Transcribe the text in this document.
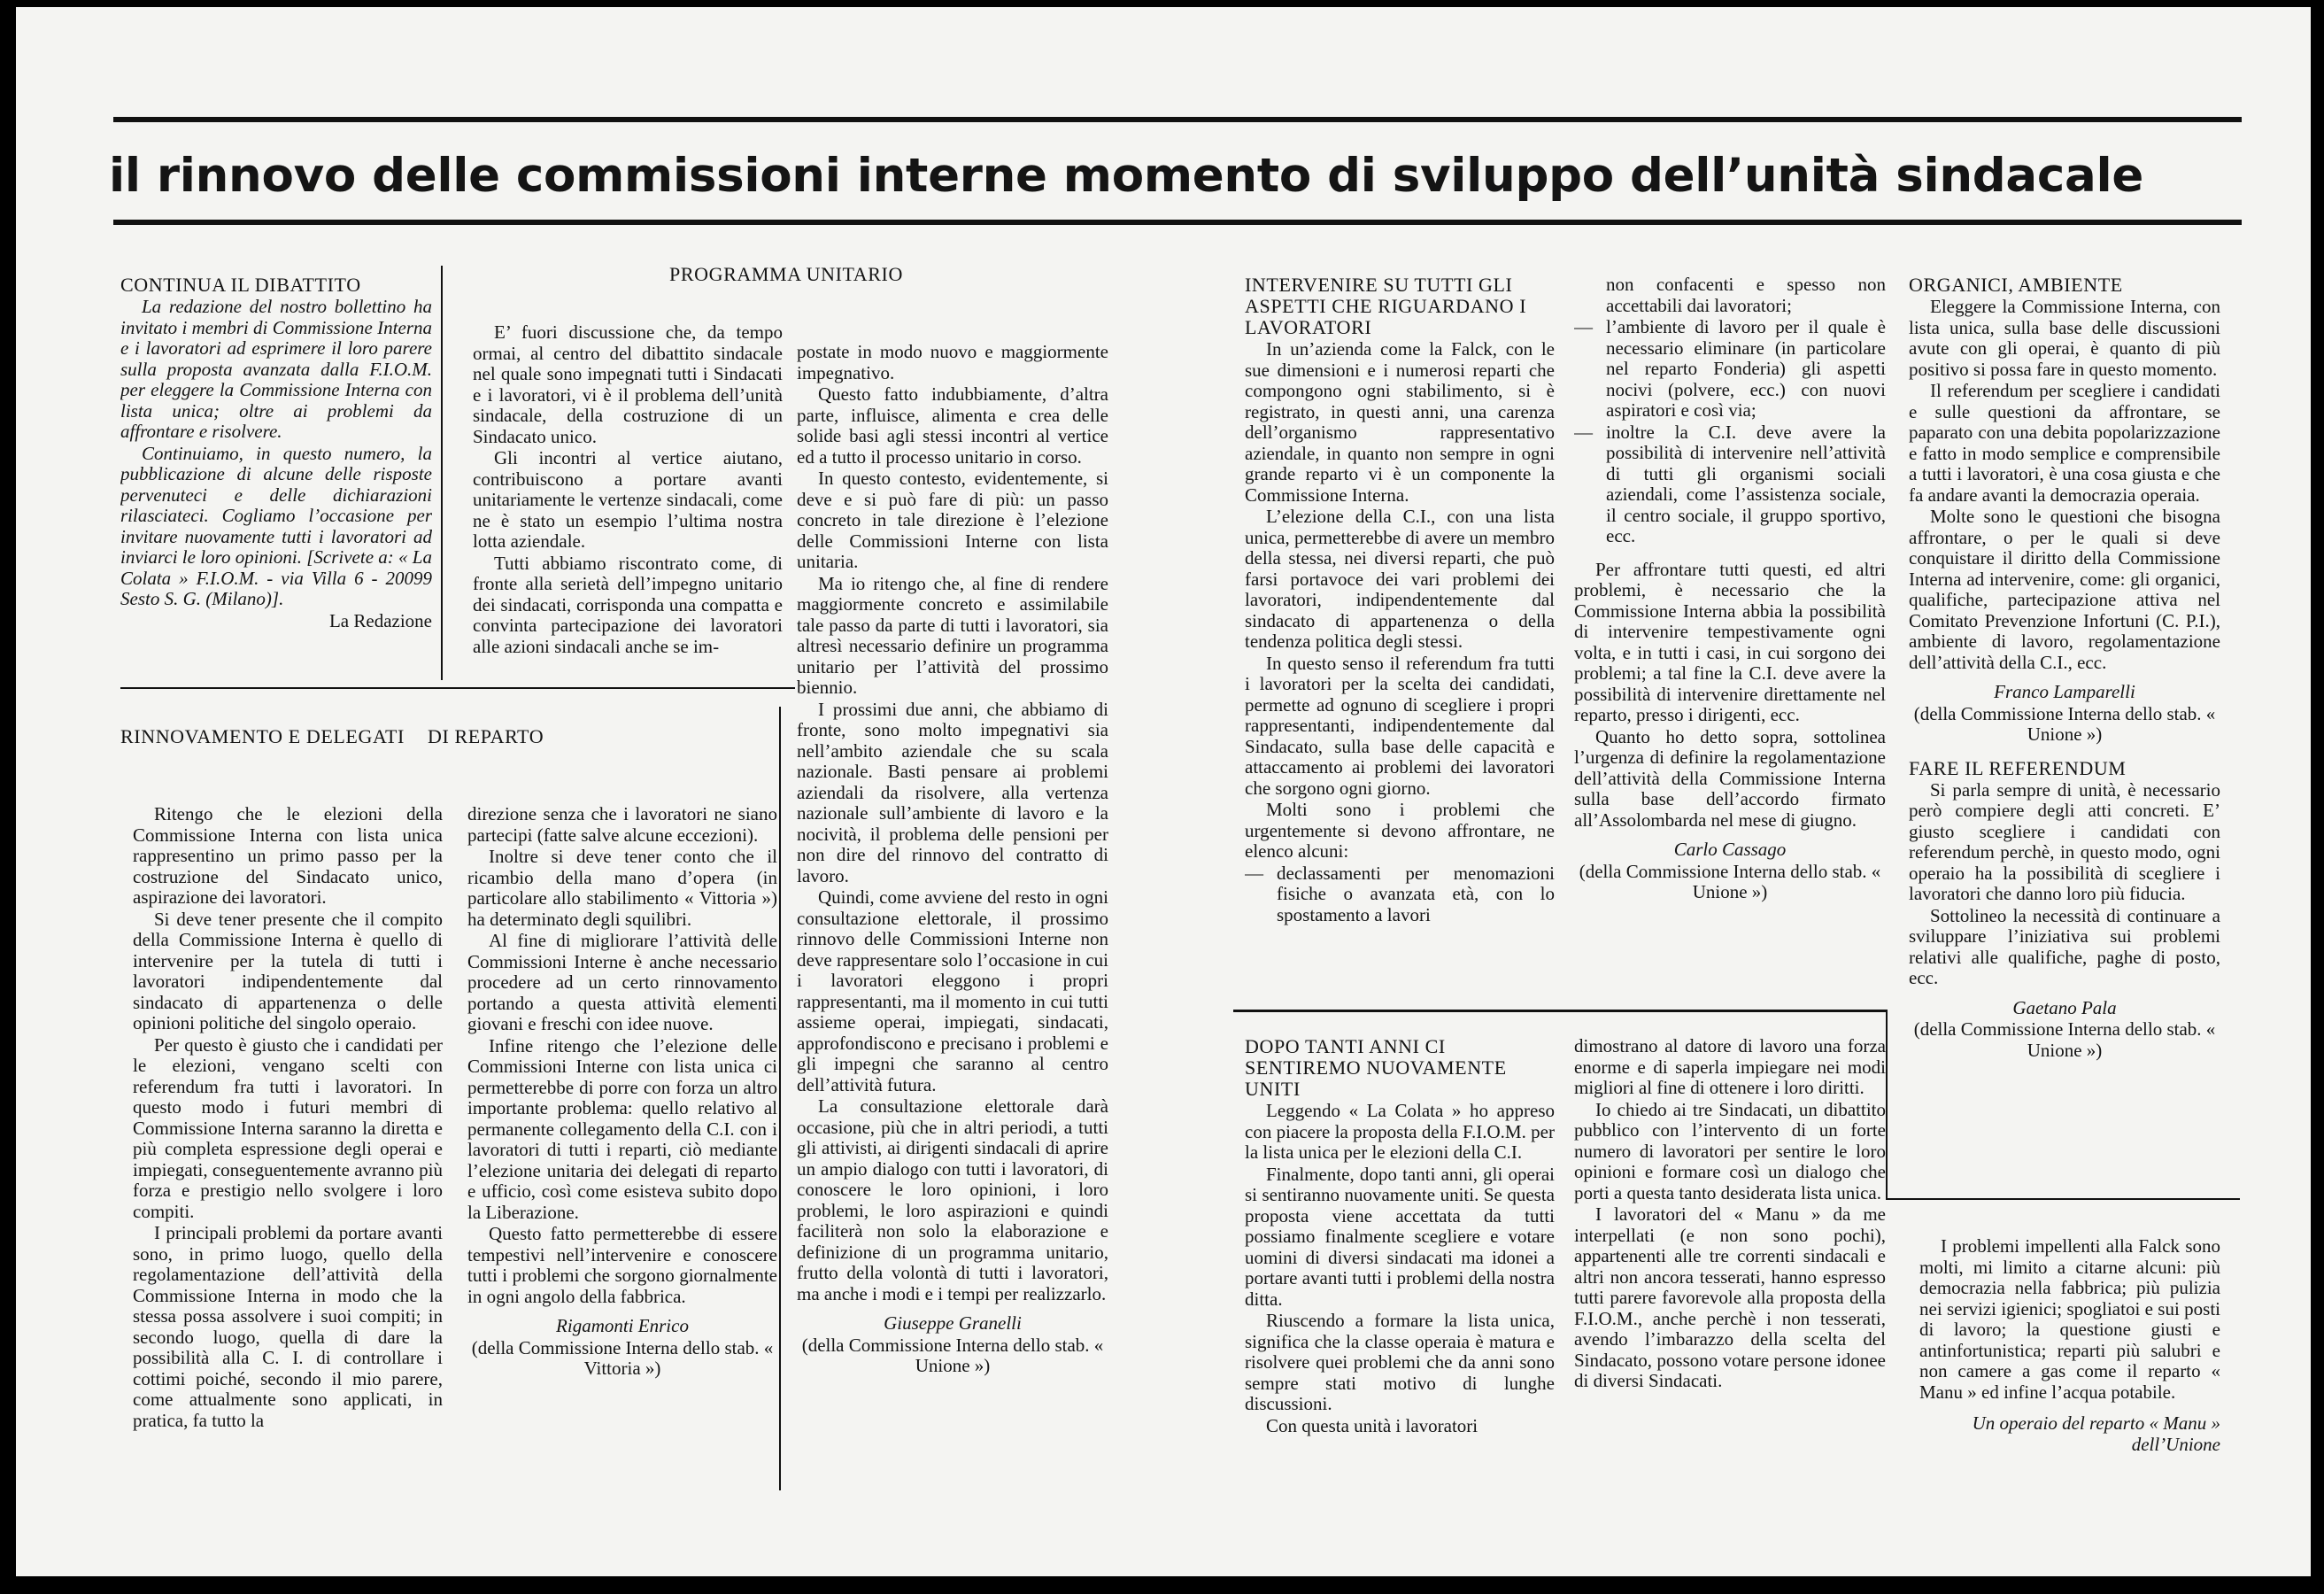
il rinnovo delle commissioni interne momento di sviluppo dell’unità sindacale

CONTINUA IL DIBATTITO

La redazione del nostro bollettino ha invitato i membri di Commissione Interna e i lavoratori ad esprimere il loro parere sulla proposta avanzata dalla F.I.O.M. per eleggere la Commissione Interna con lista unica; oltre ai problemi da affrontare e risolvere.

Continuiamo, in questo numero, la pubblicazione di alcune delle risposte pervenuteci e delle dichiarazioni rilasciateci. Cogliamo l’occasione per invitare nuovamente tutti i lavoratori ad inviarci le loro opinioni. [Scrivete a: « La Colata » F.I.O.M. - via Villa 6 - 20099 Sesto S. G. (Milano)].

La Redazione

PROGRAMMA UNITARIO

E’ fuori discussione che, da tempo ormai, al centro del dibattito sindacale nel quale sono impegnati tutti i Sindacati e i lavoratori, vi è il problema dell’unità sindacale, della costruzione di un Sindacato unico.

Gli incontri al vertice aiutano, contribuiscono a portare avanti unitariamente le vertenze sindacali, come ne è stato un esempio l’ultima nostra lotta aziendale.

Tutti abbiamo riscontrato come, di fronte alla serietà dell’impegno unitario dei sindacati, corrisponda una compatta e convinta partecipazione dei lavoratori alle azioni sindacali anche se im-

postate in modo nuovo e maggiormente impegnativo.

Questo fatto indubbiamente, d’altra parte, influisce, alimenta e crea delle solide basi agli stessi incontri al vertice ed a tutto il processo unitario in corso.

In questo contesto, evidentemente, si deve e si può fare di più: un passo concreto in tale direzione è l’elezione delle Commissioni Interne con lista unitaria.

Ma io ritengo che, al fine di rendere maggiormente concreto e assimilabile tale passo da parte di tutti i lavoratori, sia altresì necessario definire un programma unitario per l’attività del prossimo biennio.

I prossimi due anni, che abbiamo di fronte, sono molto impegnativi sia nell’ambito aziendale che su scala nazionale. Basti pensare ai problemi aziendali da risolvere, alla vertenza nazionale sull’ambiente di lavoro e la nocività, il problema delle pensioni per non dire del rinnovo del contratto di lavoro.

Quindi, come avviene del resto in ogni consultazione elettorale, il prossimo rinnovo delle Commissioni Interne non deve rappresentare solo l’occasione in cui i lavoratori eleggono i propri rappresentanti, ma il momento in cui tutti assieme operai, impiegati, sindacati, approfondiscono e precisano i problemi e gli impegni che saranno al centro dell’attività futura.

La consultazione elettorale darà occasione, più che in altri periodi, a tutti gli attivisti, ai dirigenti sindacali di aprire un ampio dialogo con tutti i lavoratori, di conoscere le loro opinioni, i loro problemi, le loro aspirazioni e quindi faciliterà non solo la elaborazione e definizione di un programma unitario, frutto della volontà di tutti i lavoratori, ma anche i modi e i tempi per realizzarlo.

Giuseppe Granelli

(della Commissione Interna dello stab. « Unione »)

RINNOVAMENTO E DELEGATI DI REPARTO

Ritengo che le elezioni della Commissione Interna con lista unica rappresentino un primo passo per la costruzione del Sindacato unico, aspirazione dei lavoratori.

Si deve tener presente che il compito della Commissione Interna è quello di intervenire per la tutela di tutti i lavoratori indipendentemente dal sindacato di appartenenza o delle opinioni politiche del singolo operaio.

Per questo è giusto che i candidati per le elezioni, vengano scelti con referendum fra tutti i lavoratori. In questo modo i futuri membri di Commissione Interna saranno la diretta e più completa espressione degli operai e impiegati, conseguentemente avranno più forza e prestigio nello svolgere i loro compiti.

I principali problemi da portare avanti sono, in primo luogo, quello della regolamentazione dell’attività della Commissione Interna in modo che la stessa possa assolvere i suoi compiti; in secondo luogo, quella di dare la possibilità alla C. I. di controllare i cottimi poiché, secondo il mio parere, come attualmente sono applicati, in pratica, fa tutto la

direzione senza che i lavoratori ne siano partecipi (fatte salve alcune eccezioni).

Inoltre si deve tener conto che il ricambio della mano d’opera (in particolare allo stabilimento « Vittoria ») ha determinato degli squilibri.

Al fine di migliorare l’attività delle Commissioni Interne è anche necessario procedere ad un certo rinnovamento portando a questa attività elementi giovani e freschi con idee nuove.

Infine ritengo che l’elezione delle Commissioni Interne con lista unica ci permetterebbe di porre con forza un altro importante problema: quello relativo al permanente collegamento della C.I. con i lavoratori di tutti i reparti, ciò mediante l’elezione unitaria dei delegati di reparto e ufficio, così come esisteva subito dopo la Liberazione.

Questo fatto permetterebbe di essere tempestivi nell’intervenire e conoscere tutti i problemi che sorgono giornalmente in ogni angolo della fabbrica.

Rigamonti Enrico

(della Commissione Interna dello stab. « Vittoria »)

INTERVENIRE SU TUTTI GLI ASPETTI CHE RIGUARDANO I LAVORATORI

In un’azienda come la Falck, con le sue dimensioni e i numerosi reparti che compongono ogni stabilimento, si è registrato, in questi anni, una carenza dell’organismo rappresentativo aziendale, in quanto non sempre in ogni grande reparto vi è un componente la Commissione Interna.

L’elezione della C.I., con una lista unica, permetterebbe di avere un membro della stessa, nei diversi reparti, che può farsi portavoce dei vari problemi dei lavoratori, indipendentemente dal sindacato di appartenenza o della tendenza politica degli stessi.

In questo senso il referendum fra tutti i lavoratori per la scelta dei candidati, permette ad ognuno di scegliere i propri rappresentanti, indipendentemente dal Sindacato, sulla base delle capacità e attaccamento ai problemi dei lavoratori che sorgono ogni giorno.

Molti sono i problemi che urgentemente si devono affrontare, ne elenco alcuni:

— declassamenti per menomazioni fisiche o avanzata età, con lo spostamento a lavori

non confacenti e spesso non accettabili dai lavoratori;

— l’ambiente di lavoro per il quale è necessario eliminare (in particolare nel reparto Fonderia) gli aspetti nocivi (polvere, ecc.) con nuovi aspiratori e così via;

— inoltre la C.I. deve avere la possibilità di intervenire nell’attività di tutti gli organismi sociali aziendali, come l’assistenza sociale, il centro sociale, il gruppo sportivo, ecc.

Per affrontare tutti questi, ed altri problemi, è necessario che la Commissione Interna abbia la possibilità di intervenire tempestivamente ogni volta, e in tutti i casi, in cui sorgono dei problemi; a tal fine la C.I. deve avere la possibilità di intervenire direttamente nel reparto, presso i dirigenti, ecc.

Quanto ho detto sopra, sottolinea l’urgenza di definire la regolamentazione dell’attività della Commissione Interna sulla base dell’accordo firmato all’Assolombarda nel mese di giugno.

Carlo Cassago

(della Commissione Interna dello stab. « Unione »)

DOPO TANTI ANNI CI SENTIREMO NUOVAMENTE UNITI

Leggendo « La Colata » ho appreso con piacere la proposta della F.I.O.M. per la lista unica per le elezioni della C.I.

Finalmente, dopo tanti anni, gli operai si sentiranno nuovamente uniti. Se questa proposta viene accettata da tutti possiamo finalmente scegliere e votare uomini di diversi sindacati ma idonei a portare avanti tutti i problemi della nostra ditta.

Riuscendo a formare la lista unica, significa che la classe operaia è matura e risolvere quei problemi che da anni sono sempre stati motivo di lunghe discussioni.

Con questa unità i lavoratori

dimostrano al datore di lavoro una forza enorme e di saperla impiegare nei modi migliori al fine di ottenere i loro diritti.

Io chiedo ai tre Sindacati, un dibattito pubblico con l’intervento di un forte numero di lavoratori per sentire le loro opinioni e formare così un dialogo che porti a questa tanto desiderata lista unica.

I lavoratori del « Manu » da me interpellati (e non sono pochi), appartenenti alle tre correnti sindacali e altri non ancora tesserati, hanno espresso tutti parere favorevole alla proposta della F.I.O.M., anche perchè i non tesserati, avendo l’imbarazzo della scelta del Sindacato, possono votare persone idonee di diversi Sindacati.

ORGANICI, AMBIENTE

Eleggere la Commissione Interna, con lista unica, sulla base delle discussioni avute con gli operai, è quanto di più positivo si possa fare in questo momento.

Il referendum per scegliere i candidati e sulle questioni da affrontare, se paparato con una debita popolarizzazione e fatto in modo semplice e comprensibile a tutti i lavoratori, è una cosa giusta e che fa andare avanti la democrazia operaia.

Molte sono le questioni che bisogna affrontare, o per le quali si deve conquistare il diritto della Commissione Interna ad intervenire, come: gli organici, qualifiche, partecipazione attiva nel Comitato Prevenzione Infortuni (C. P.I.), ambiente di lavoro, regolamentazione dell’attività della C.I., ecc.

Franco Lamparelli

(della Commissione Interna dello stab. « Unione »)

FARE IL REFERENDUM

Si parla sempre di unità, è necessario però compiere degli atti concreti. E’ giusto scegliere i candidati con referendum perchè, in questo modo, ogni operaio ha la possibilità di scegliere i lavoratori che danno loro più fiducia.

Sottolineo la necessità di continuare a sviluppare l’iniziativa sui problemi relativi alle qualifiche, paghe di posto, ecc.

Gaetano Pala

(della Commissione Interna dello stab. « Unione »)

I problemi impellenti alla Falck sono molti, mi limito a citarne alcuni: più democrazia nella fabbrica; più pulizia nei servizi igienici; spogliatoi e sui posti di lavoro; la questione giusti e antinfortunistica; reparti più salubri e non camere a gas come il reparto « Manu » ed infine l’acqua potabile.

Un operaio del reparto « Manu » dell’Unione
